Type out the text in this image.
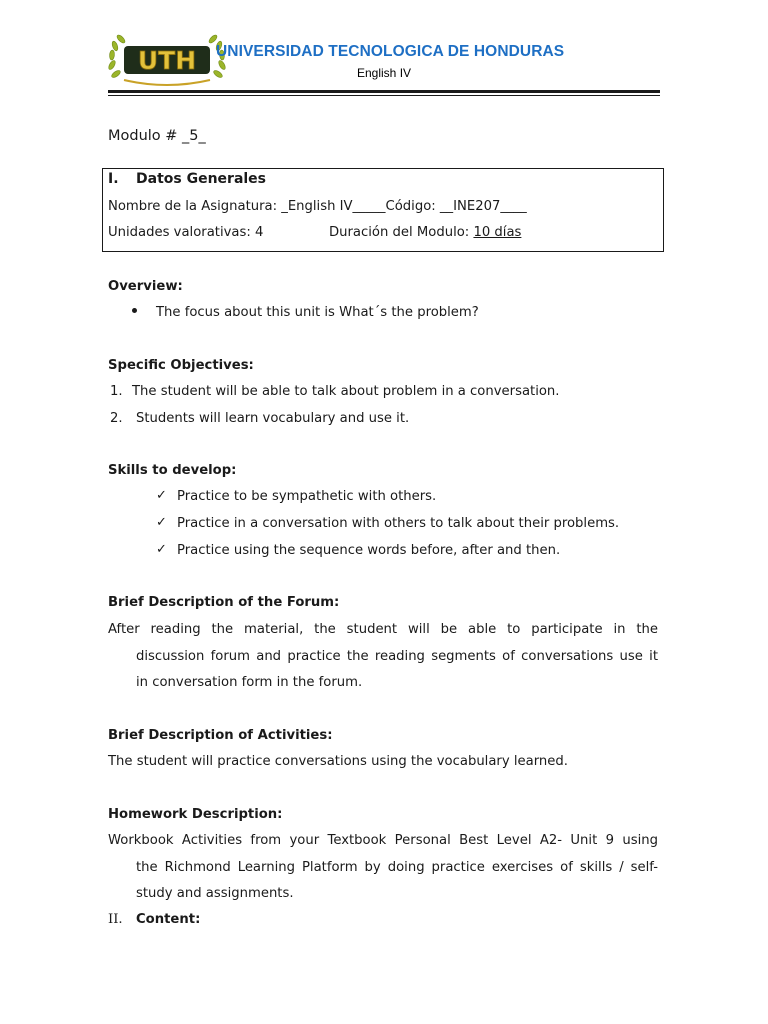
UTH UNIVERSIDAD TECNOLOGICA DE HONDURAS
English IV
Modulo # _5_
I. Datos Generales
Nombre de la Asignatura: _English IV_____Código: __INE207____
Unidades valorativas: 4	Duración del Modulo: 10 días
Overview:
The focus about this unit is What´s the problem?
Specific Objectives:
1. The student will be able to talk about problem in a conversation.
2. Students will learn vocabulary and use it.
Skills to develop:
✓ Practice to be sympathetic with others.
✓ Practice in a conversation with others to talk about their problems.
✓ Practice using the sequence words before, after and then.
Brief Description of the Forum:
After reading the material, the student will be able to participate in the
discussion forum and practice the reading segments of conversations use it
in conversation form in the forum.
Brief Description of Activities:
The student will practice conversations using the vocabulary learned.
Homework Description:
Workbook Activities from your Textbook Personal Best Level A2- Unit 9 using
the Richmond Learning Platform by doing practice exercises of skills / self-
study and assignments.
II. Content:
